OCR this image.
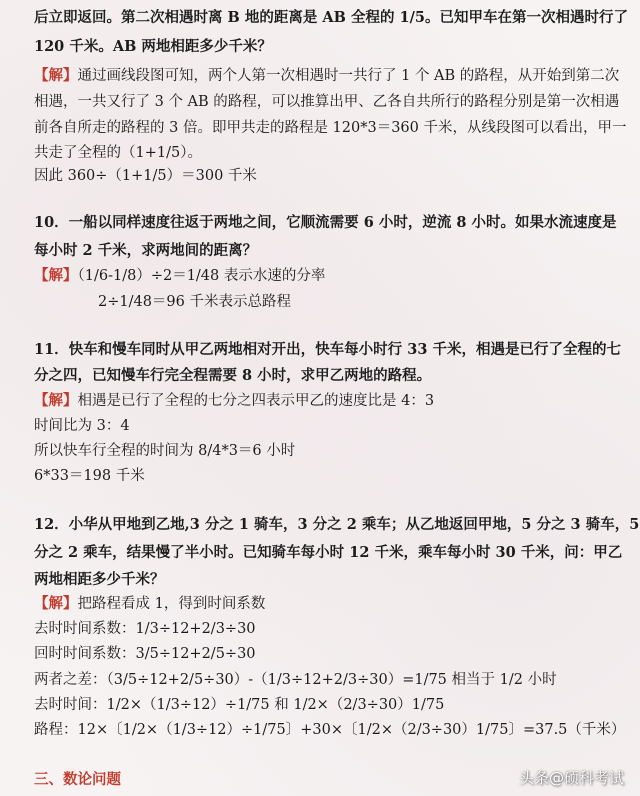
后立即返回。第二次相遇时离 B 地的距离是 AB 全程的 1/5。已知甲车在第一次相遇时行了
120 千米。AB 两地相距多少千米？
【解】通过画线段图可知，两个人第一次相遇时一共行了 1 个 AB 的路程，从开始到第二次
相遇，一共又行了 3 个 AB 的路程，可以推算出甲、乙各自共所行的路程分别是第一次相遇
前各自所走的路程的 3 倍。即甲共走的路程是 120*3＝360 千米，从线段图可以看出，甲一
共走了全程的（1+1/5）。
因此 360÷（1+1/5）＝300 千米
10．一船以同样速度往返于两地之间，它顺流需要 6 小时，逆流 8 小时。如果水流速度是
每小时 2 千米，求两地间的距离？
【解】（1/6-1/8）÷2＝1/48 表示水速的分率
2÷1/48＝96 千米表示总路程
11．快车和慢车同时从甲乙两地相对开出，快车每小时行 33 千米，相遇是已行了全程的七
分之四，已知慢车行完全程需要 8 小时，求甲乙两地的路程。
【解】相遇是已行了全程的七分之四表示甲乙的速度比是 4：3
时间比为 3：4
所以快车行全程的时间为 8/4*3＝6 小时
6*33＝198 千米
12．小华从甲地到乙地,3 分之 1 骑车，3 分之 2 乘车；从乙地返回甲地，5 分之 3 骑车，5
分之 2 乘车，结果慢了半小时。已知骑车每小时 12 千米，乘车每小时 30 千米，问：甲乙
两地相距多少千米？
【解】把路程看成 1，得到时间系数
去时时间系数：1/3÷12+2/3÷30
回时时间系数：3/5÷12+2/5÷30
两者之差：（3/5÷12+2/5÷30）-（1/3÷12+2/3÷30）=1/75 相当于 1/2 小时
去时时间：1/2×（1/3÷12）÷1/75 和 1/2×（2/3÷30）1/75
路程：12×〔1/2×（1/3÷12）÷1/75〕+30×〔1/2×（2/3÷30）1/75〕=37.5（千米）
三、数论问题	头条@硕科考试
